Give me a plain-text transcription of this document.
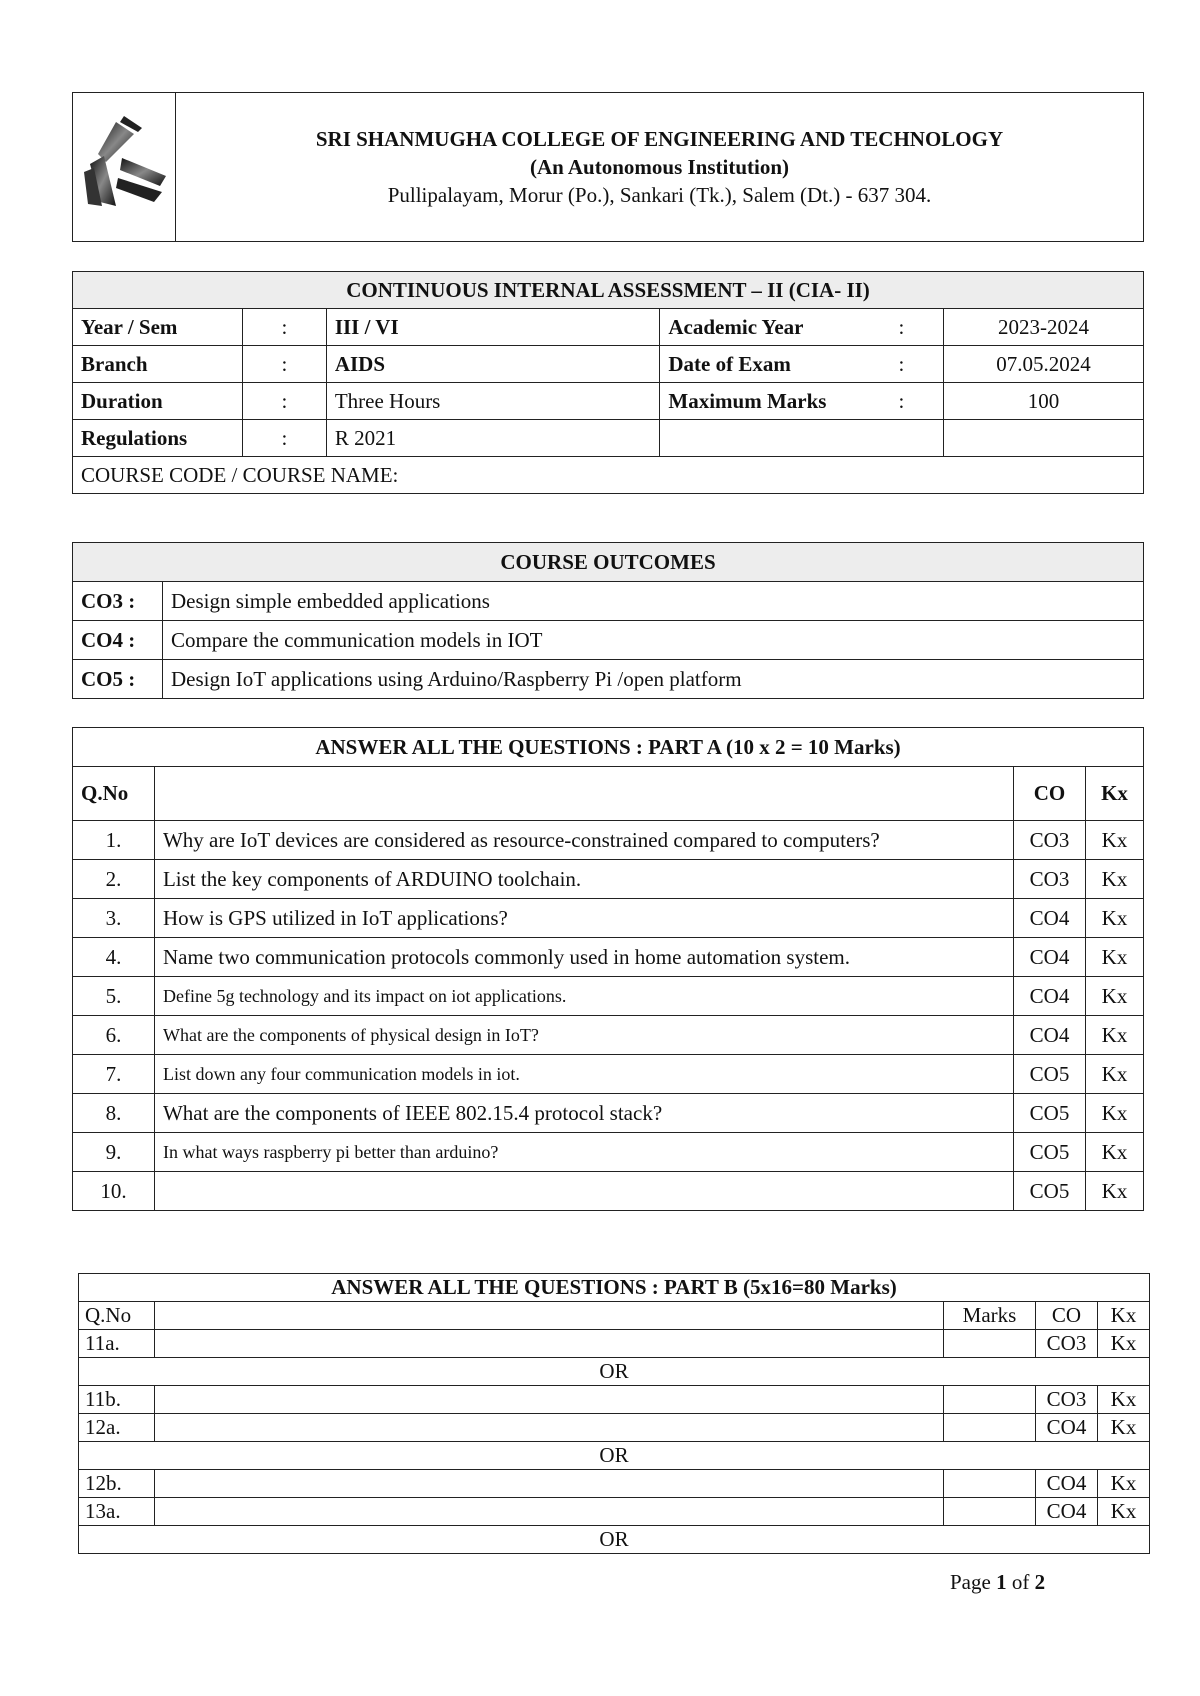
SRI SHANMUGHA COLLEGE OF ENGINEERING AND TECHNOLOGY
(An Autonomous Institution)
Pullipalayam, Morur (Po.), Sankari (Tk.), Salem (Dt.) - 637 304.
CONTINUOUS INTERNAL ASSESSMENT – II (CIA- II)					
Year / Sem	:	III / VI	Academic Year	:	2023-2024
Branch	:	AIDS	Date of Exam	:	07.05.2024
Duration	:	Three Hours	Maximum Marks	:	100
Regulations	:	R 2021			
COURSE CODE / COURSE NAME:					
COURSE OUTCOMES	
CO3 :	Design simple embedded applications
CO4 :	Compare the communication models in IOT
CO5 :	Design IoT applications using Arduino/Raspberry Pi /open platform
ANSWER ALL THE QUESTIONS : PART A (10 x 2 = 10 Marks)			
Q.No		CO	Kx
1.	Why are IoT devices are considered as resource-constrained compared to computers?	CO3	Kx
2.	List the key components of ARDUINO toolchain.	CO3	Kx
3.	How is GPS utilized in IoT applications?	CO4	Kx
4.	Name two communication protocols commonly used in home automation system.	CO4	Kx
5.	Define 5g technology and its impact on iot applications.	CO4	Kx
6.	What are the components of physical design in IoT?	CO4	Kx
7.	List down any four communication models in iot.	CO5	Kx
8.	What are the components of IEEE 802.15.4 protocol stack?	CO5	Kx
9.	In what ways raspberry pi better than arduino?	CO5	Kx
10.		CO5	Kx
ANSWER ALL THE QUESTIONS : PART B (5x16=80 Marks)				
Q.No		Marks	CO	Kx
11a.			CO3	Kx
OR				
11b.			CO3	Kx
12a.			CO4	Kx
OR				
12b.			CO4	Kx
13a.			CO4	Kx
OR				
Page 1 of 2
